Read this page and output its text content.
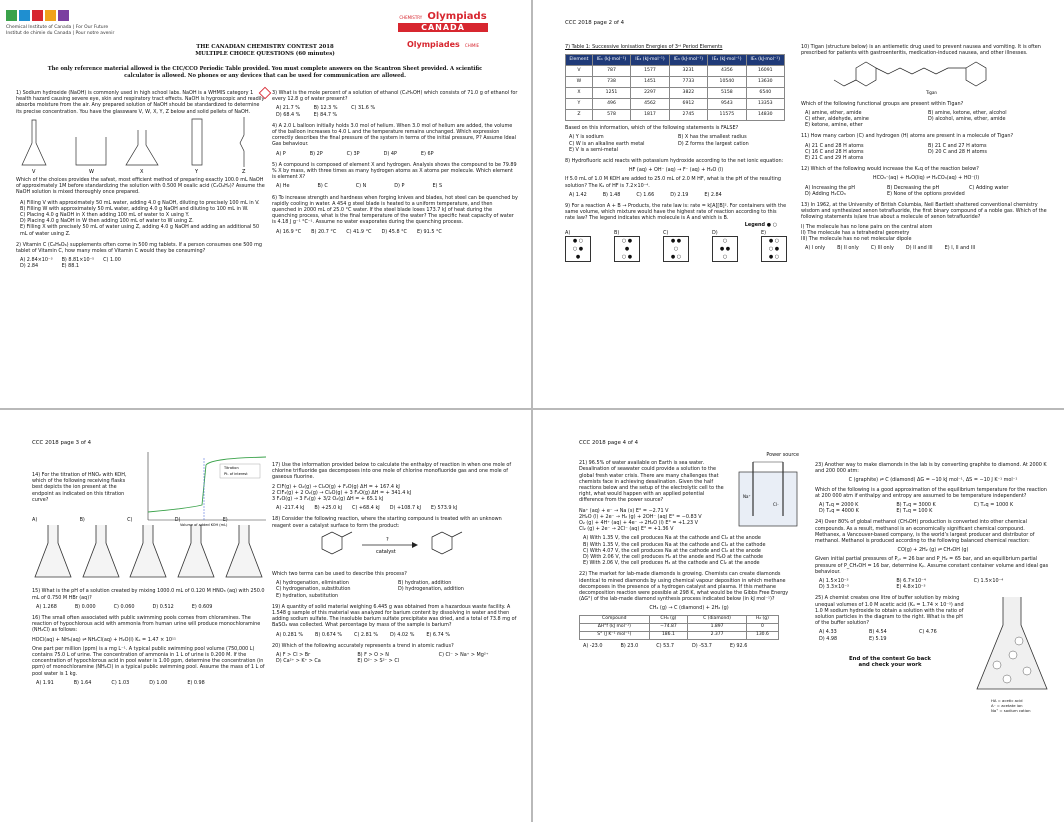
Chemical Institute of Canada | For Our Future
Institut de chimie du Canada | Pour notre avenir
CHEMISTRY Olympiads
CANADA
Olympiades CHIMIE
THE CANADIAN CHEMISTRY CONTEST 2018
MULTIPLE CHOICE QUESTIONS (60 minutes)
The only reference material allowed is the CIC/CCO Periodic Table provided. You must complete answers on the Scantron Sheet provided. A scientific calculator is allowed. No phones or any devices that can be used for communication are allowed.
1) Sodium hydroxide (NaOH) is commonly used in high school labs. NaOH is a WHMIS category 1 health hazard causing severe eye, skin and respiratory tract effects. NaOH is hygroscopic and readily absorbs moisture from the air. Any prepared solution of NaOH should be standardized to determine its precise concentration. You have the glassware V, W, X, Y, Z below and solid pellets of NaOH.
V	W	X	Y	Z
Which of the choices provides the safest, most efficient method of preparing exactly 100.0 mL NaOH of approximately 1M before standardizing the solution with 0.500 M oxalic acid (C₂O₄H₂)? Assume the NaOH solution is mixed thoroughly once prepared.
A) Filling V with approximately 50 mL water, adding 4.0 g NaOH, diluting to precisely 100 mL in V.
B) Filling W with approximately 50 mL water, adding 4.0 g NaOH and diluting to 100 mL in W.
C) Placing 4.0 g NaOH in X then adding 100 mL of water to X using Y.
D) Placing 4.0 g NaOH in W then adding 100 mL of water to W using Z.
E) Filling X with precisely 50 mL of water using Z, adding 4.0 g NaOH and adding an additional 50 mL of water using Z.
2) Vitamin C (C₆H₈O₆) supplements often come in 500 mg tablets. If a person consumes one 500 mg tablet of Vitamin C, how many moles of Vitamin C would they be consuming?
A) 2.84×10⁻³ B) 8.81×10⁻⁵ C) 1.00
D) 2.84	E) 88.1
3) What is the mole percent of a solution of ethanol (C₂H₅OH) which consists of 71.0 g of ethanol for every 12.8 g of water present?
A) 21.7 %	B) 12.3 %	C) 31.6 %
D) 68.4 %	E) 84.7 %
4) A 2.0 L balloon initially holds 3.0 mol of helium. When 3.0 mol of helium are added, the volume of the balloon increases to 4.0 L and the temperature remains unchanged. Which expression correctly describes the final pressure of the system in terms of the initial pressure, P? Assume Ideal Gas behaviour.
A) P	B) 2P	C) 3P	D) 4P	E) 6P
5) A compound is composed of element X and hydrogen. Analysis shows the compound to be 79.89 % X by mass, with three times as many hydrogen atoms as X atoms per molecule. Which element is element X?
A) He	B) C	C) N	D) P	E) S
6) To increase strength and hardness when forging knives and blades, hot steel can be quenched by rapidly cooling in water. A 454 g steel blade is heated to a uniform temperature, and then quenched in 2000 mL of 25.0 °C water. If the steel blade loses 173.7 kJ of heat during the quenching process, what is the final temperature of the water? The specific heat capacity of water is 4.18 J g⁻¹ °C⁻¹. Assume no water evaporates during the quenching process.
A) 16.9 °C B) 20.7 °C C) 41.9 °C D) 45.8 °C E) 91.5 °C
CCC 2018 page 2 of 4
7) Table 1: Successive Ionisation Energies of 3ʳᵈ Period Elements
Element	IE₁ (kJ·mol⁻¹)	IE₂ (kJ·mol⁻¹)	IE₃ (kJ·mol⁻¹)	IE₄ (kJ·mol⁻¹)	IE₅ (kJ·mol⁻¹)
V	787	1577	3231	4356	16091
W	738	1451	7733	10540	13630
X	1251	2297	3822	5158	6540
Y	496	4562	6912	9543	13353
Z	578	1817	2745	11575	14830
Based on this information, which of the following statements is FALSE?
A) Y is sodium	B) X has the smallest radius
C) W is an alkaline earth metal	D) Z forms the largest cation
E) V is a semi-metal
8) Hydrofluoric acid reacts with potassium hydroxide according to the net ionic equation:
HF (aq) + OH⁻ (aq) → F⁻ (aq) + H₂O (l)
If 5.0 mL of 1.0 M KOH are added to 25.0 mL of 2.0 M HF, what is the pH of the resulting solution? The Kₐ of HF is 7.2×10⁻⁴.
A) 1.42	B) 1.48	C) 1.66	D) 2.19	E) 2.84
9) For a reaction A + B → Products, the rate law is: rate = k[A][B]². For containers with the same volume, which mixture would have the highest rate of reaction according to this rate law? The legend indicates which molecule is A and which is B.
Legend ● ○
A)
● ○
○ ●
●
B)
○ ●
●
○ ●
C)
● ●
○
● ○
D)
○
● ●
○
E)
● ○
○ ●
● ○
10) Tigan (structure below) is an antiemetic drug used to prevent nausea and vomiting. It is often prescribed for patients with gastroenteritis, medication-induced nausea, and other illnesses.
Tigan
Which of the following functional groups are present within Tigan?
A) amine, ether, amide	B) amine, ketone, ether, alcohol
C) ether, aldehyde, amine	D) alcohol, amine, ether, amide
E) ketone, amine, ether
11) How many carbon (C) and hydrogen (H) atoms are present in a molecule of Tigan?
A) 21 C and 28 H atoms	B) 21 C and 27 H atoms
C) 16 C and 28 H atoms	D) 20 C and 28 H atoms
E) 21 C and 29 H atoms
12) Which of the following would increase the Kₑq of the reaction below?
HCO₃⁻(aq) + H₂O(liq) ⇌ H₂CO₃(aq) + HO⁻(l)
A) Increasing the pH	B) Decreasing the pH	C) Adding water
D) Adding H₂CO₃	E) None of the options provided
13) In 1962, at the University of British Columbia, Neil Bartlett shattered conventional chemistry wisdom and synthesized xenon tetrafluoride, the first binary compound of a noble gas. Which of the following statements is/are true about a molecule of xenon tetrafluoride?
I) The molecule has no lone pairs on the central atom
II) The molecule has a tetrahedral geometry
III) The molecule has no net molecular dipole
A) I only B) II only C) III only D) II and III E) I, II and III
CCC 2018 page 3 of 4
14) For the titration of HNO₂ with KOH, which of the following receiving flasks best depicts the ion present at the endpoint as indicated on this titration curve?
Titration
Pt. of interest
Volume of added KOH (mL)
A)	B)	C)	D)	E)
15) What is the pH of a solution created by mixing 1000.0 mL of 0.120 M HNO₃ (aq) with 250.0 mL of 0.750 M HBr (aq)?
A) 1.268	B) 0.000	C) 0.060	D) 0.512	E) 0.609
16) The small often associated with public swimming pools comes from chloramines. The reaction of hypochlorous acid with ammonia from human urine will produce monochloramine (NH₂Cl) as follows:
HOCl(aq) + NH₃(aq) ⇌ NH₂Cl(aq) + H₂O(l) Kₑ = 1.47 × 10¹¹
One part per million (ppm) is a mg L⁻¹. A typical public swimming pool volume (750,000 L) contains 75.0 L of urine. The concentration of ammonia in 1 L of urine is 0.200 M. If the concentration of hypochlorous acid in pool water is 1.00 ppm, determine the concentration (in ppm) of monochloramine (NH₂Cl) in a typical public swimming pool. Assume the mass of 1 L of pool water is 1 kg.
A) 1.91	B) 1.64	C) 1.03	D) 1.00	E) 0.98
17) Use the information provided below to calculate the enthalpy of reaction in when one mole of chlorine trifluoride gas decomposes into one mole of chlorine monofluoride gas and one mole of gaseous fluorine.
2 ClF(g) + O₂(g) → Cl₂O(g) + F₂O(g) ΔH = + 167.4 kJ
2 ClF₃(g) + 2 O₂(g) → Cl₂O(g) + 3 F₂O(g) ΔH = + 341.4 kJ
3 F₂O(g) → 3 F₂(g) + 3/2 O₂(g) ΔH = + 65.1 kJ
A) -217.4 kJ B) +25.0 kJ C) +68.4 kJ D) +108.7 kJ E) 573.9 kJ
18) Consider the following reaction, where the starting compound is treated with an unknown reagent over a catalyst surface to form the product:
?
catalyst
Which two terms can be used to describe this process?
A) hydrogenation, elimination	B) hydration, addition
C) hydrogenation, substitution	D) hydrogenation, addition
E) hydration, substitution
19) A quantity of solid material weighing 6.445 g was obtained from a hazardous waste facility. A 1.548 g sample of this material was analyzed for barium content by dissolving in water and then adding sodium sulfate. The insoluble barium sulfate precipitate was dried, and a total of 73.8 mg of BaSO₄ was collected. What percentage by mass of the sample is barium?
A) 0.281 % B) 0.674 % C) 2.81 % D) 4.02 % E) 6.74 %
20) Which of the following accurately represents a trend in atomic radius?
A) F > Cl > Br	B) F > O > N	C) Cl⁻ > Na⁺ > Mg²⁺
D) Ca²⁺ > K⁺ > Ca	E) O²⁻ > S²⁻ > Cl
CCC 2018 page 4 of 4
Power source
21) 96.5% of water available on Earth is sea water. Desalination of seawater could provide a solution to the global fresh water crisis. There are many challenges that chemists face in achieving desalination. Given the half reactions below and the setup of the electrolytic cell to the right, what would happen with an applied potential difference from the power source?
Na⁺
Cl⁻
Na⁺ (aq) + e⁻ → Na (s) E° = −2.71 V
2H₂O (l) + 2e⁻ → H₂ (g) + 2OH⁻ (aq) E° = −0.83 V
O₂ (g) + 4H⁺ (aq) + 4e⁻ → 2H₂O (l) E° = +1.23 V
Cl₂ (g) + 2e⁻ → 2Cl⁻ (aq) E° = +1.36 V
A) With 1.35 V, the cell produces Na at the cathode and Cl₂ at the anode
B) With 1.35 V, the cell produces Na at the cathode and Cl₂ at the cathode
C) With 4.07 V, the cell produces Na at the cathode and Cl₂ at the anode
D) With 2.06 V, the cell produces H₂ at the anode and H₂O at the cathode
E) With 2.06 V, the cell produces H₂ at the cathode and Cl₂ at the anode
22) The market for lab-made diamonds is growing. Chemists can create diamonds identical to mined diamonds by using chemical vapour deposition in which methane decomposes in the presence of a hydrogen catalyst and plasma. If this methane decomposition reaction were possible at 298 K, what would be the Gibbs Free Energy (ΔG°) of the lab-made diamond synthesis process indicated below (in kJ mol⁻¹)?
CH₄ (g) → C (diamond) + 2H₂ (g)
Compound	CH₄ (g)	C (diamond)	H₂ (g)
ΔH°f (kJ mol⁻¹)	−74.87	1.897	0
S° (J K⁻¹ mol⁻¹)	186.1	2.377	130.6
A) -23.0	B) 23.0	C) 53.7	D) -53.7	E) 92.6
23) Another way to make diamonds in the lab is by converting graphite to diamond. At 2000 K and 200 000 atm:
C (graphite) ⇌ C (diamond) ΔG = −10 kJ mol⁻¹, ΔS = −10 J K⁻¹ mol⁻¹
Which of the following is a good approximation of the equilibrium temperature for the reaction at 200 000 atm if enthalpy and entropy are assumed to be temperature independent?
A) Tₑq = 2000 K	B) Tₑq = 3000 K	C) Tₑq = 1000 K
D) Tₑq = 4000 K	E) Tₑq = 100 K
24) Over 80% of global methanol (CH₃OH) production is converted into other chemical compounds. As a result, methanol is an economically significant chemical compound. Methanex, a Vancouver-based company, is the world’s largest producer and distributor of methanol. Methanol is produced according to the following balanced chemical reaction:
CO(g) + 2H₂ (g) ⇌ CH₃OH (g)
Given initial partial pressures of P꜀ₒ = 26 bar and P_H₂ = 65 bar, and an equilibrium partial pressure of P_CH₃OH = 16 bar, determine Kₚ. Assume constant container volume and ideal gas behaviour.
A) 1.5×10⁻³	B) 6.7×10⁻⁴	C) 1.5×10⁻⁴
D) 3.3×10⁻³	E) 4.8×10⁻³
25) A chemist creates one litre of buffer solution by mixing unequal volumes of 1.0 M acetic acid (Kₐ = 1.74 × 10⁻⁵) and 1.0 M sodium hydroxide to obtain a solution with the ratio of solution particles in the diagram to the right. What is the pH of the buffer solution?
A) 4.33	B) 4.54	C) 4.76
D) 4.98	E) 5.19
End of the contest Go back
and check your work
HA = acetic acid
A⁻ = acetate ion
Na⁺ = sodium cation
